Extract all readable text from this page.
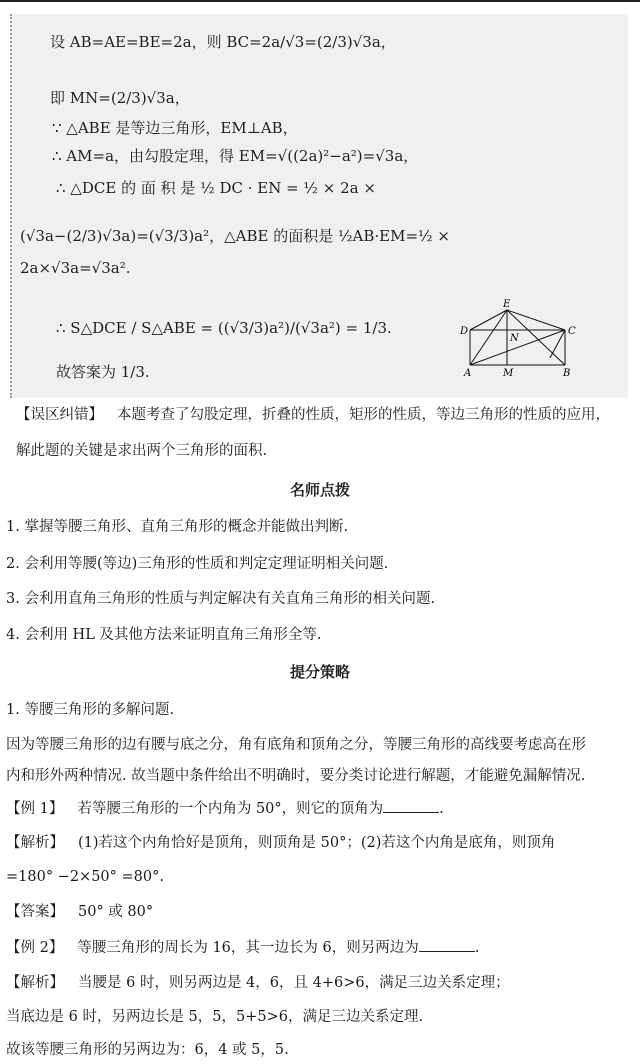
设 AB=AE=BE=2a，则 BC=2a/√3=(2/3)√3a，
即 MN=(2/3)√3a，
∵ △ABE 是等边三角形，EM⊥AB，
∴ AM=a，由勾股定理，得 EM=√((2a)²−a²)=√3a，
∴ △DCE 的 面 积 是 ½ DC · EN = ½ × 2a ×
(√3a−(2/3)√3a)=(√3/3)a²，△ABE 的面积是 ½AB·EM=½ ×
2a×√3a=√3a².
∴ S△DCE / S△ABE = ((√3/3)a²)/(√3a²) = 1/3.
故答案为 1/3.
E
D	C
N
A	M	B
【误区纠错】 本题考查了勾股定理，折叠的性质，矩形的性质，等边三角形的性质的应用，
解此题的关键是求出两个三角形的面积.
名师点拨
1. 掌握等腰三角形、直角三角形的概念并能做出判断.
2. 会利用等腰(等边)三角形的性质和判定定理证明相关问题.
3. 会利用直角三角形的性质与判定解决有关直角三角形的相关问题.
4. 会利用 HL 及其他方法来证明直角三角形全等.
提分策略
1. 等腰三角形的多解问题.
因为等腰三角形的边有腰与底之分，角有底角和顶角之分，等腰三角形的高线要考虑高在形
内和形外两种情况. 故当题中条件给出不明确时，要分类讨论进行解题，才能避免漏解情况.
【例 1】 若等腰三角形的一个内角为 50°，则它的顶角为	.
【解析】 (1)若这个内角恰好是顶角，则顶角是 50°；(2)若这个内角是底角，则顶角
=180° −2×50° =80°.
【答案】 50° 或 80°
【例 2】 等腰三角形的周长为 16，其一边长为 6，则另两边为	.
【解析】 当腰是 6 时，则另两边是 4，6，且 4+6>6，满足三边关系定理；
当底边是 6 时，另两边长是 5，5，5+5>6，满足三边关系定理.
故该等腰三角形的另两边为：6，4 或 5，5.
